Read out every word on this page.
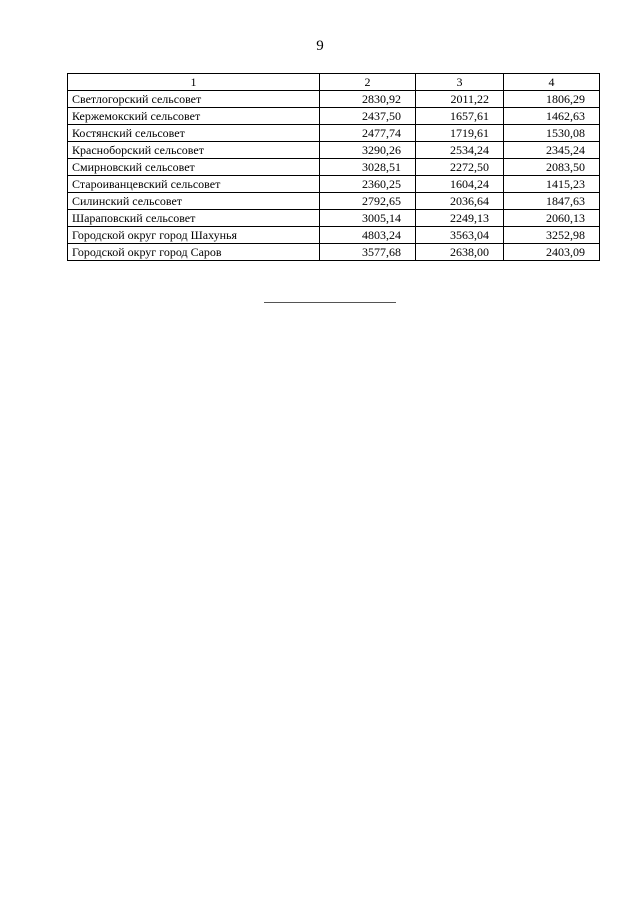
9
1	2	3	4
Светлогорский сельсовет	2830,92	2011,22	1806,29
Кержемокский сельсовет	2437,50	1657,61	1462,63
Костянский сельсовет	2477,74	1719,61	1530,08
Красноборский сельсовет	3290,26	2534,24	2345,24
Смирновский сельсовет	3028,51	2272,50	2083,50
Староиванцевский сельсовет	2360,25	1604,24	1415,23
Силинский сельсовет	2792,65	2036,64	1847,63
Шараповский сельсовет	3005,14	2249,13	2060,13
Городской округ город Шахунья	4803,24	3563,04	3252,98
Городской округ город Саров	3577,68	2638,00	2403,09
